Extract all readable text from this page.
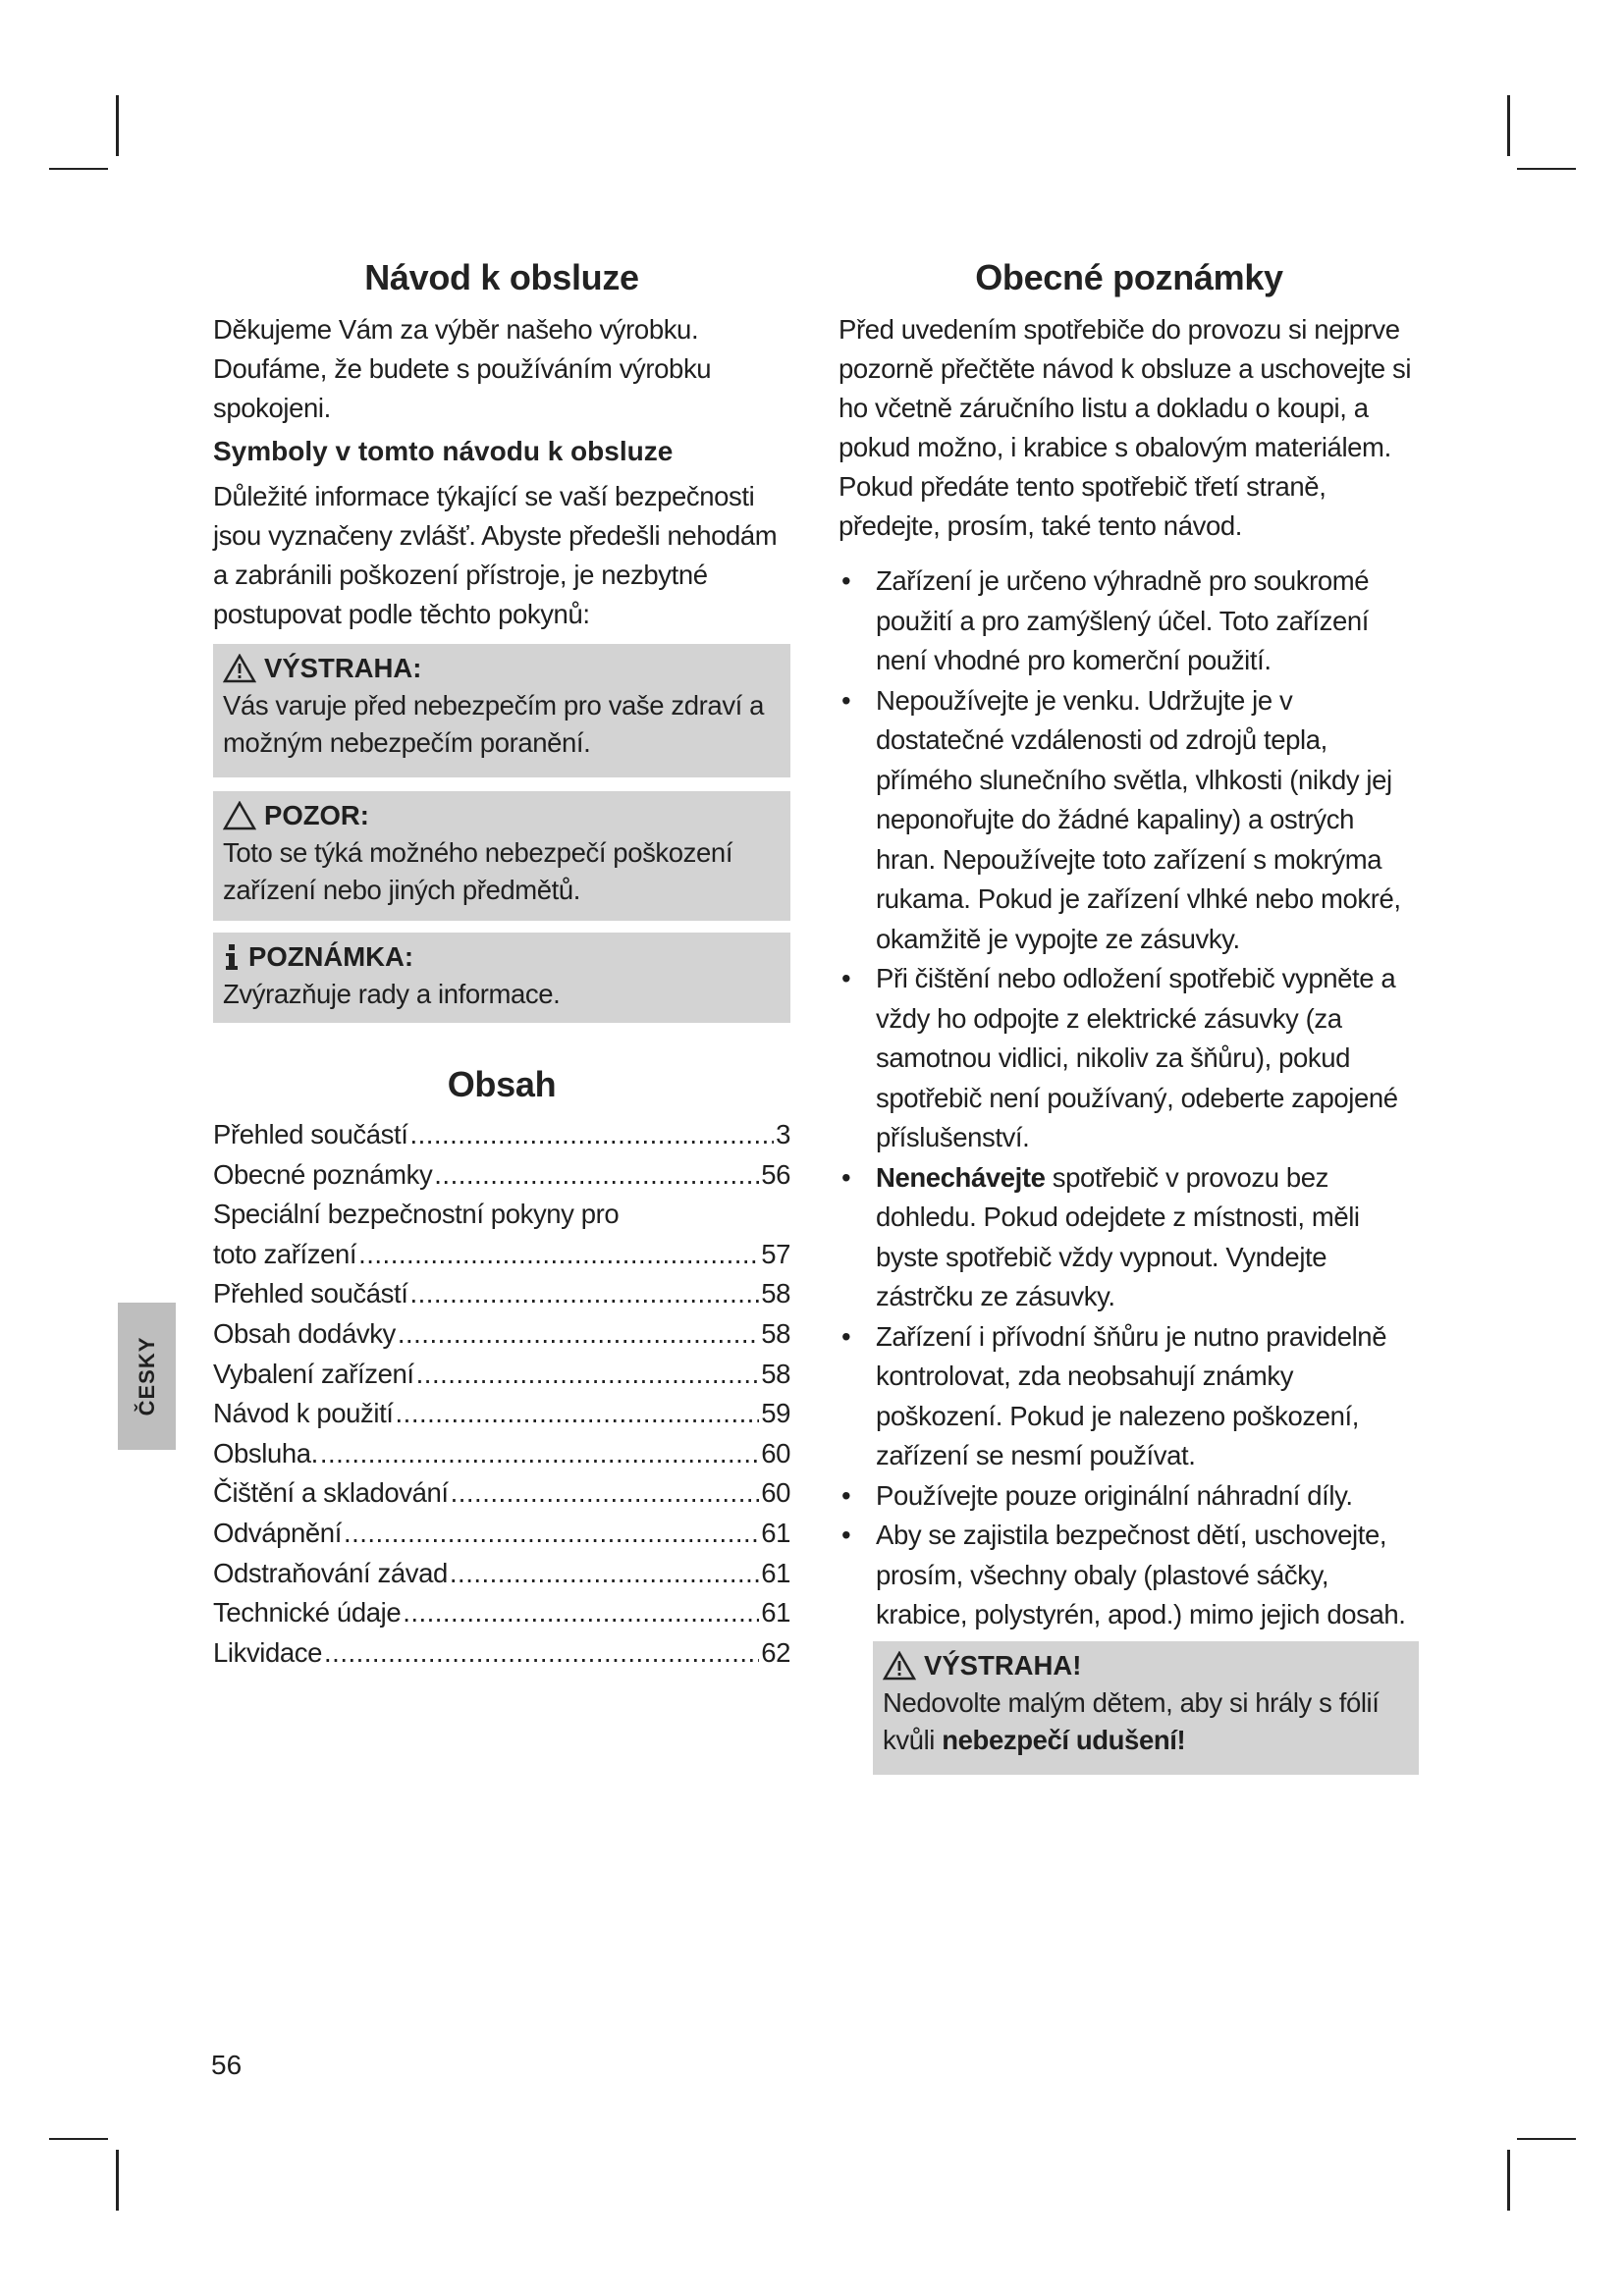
ČESKY
Návod k obsluze

Děkujeme Vám za výběr našeho výrobku. Doufáme, že budete s používáním výrobku spokojeni.

Symboly v tomto návodu k obsluze

Důležité informace týkající se vaší bezpečnosti jsou vyznačeny zvlášť. Abyste předešli nehodám a zabránili poškození přístroje, je nezbytné postupovat podle těchto pokynů:

VÝSTRAHA:
Vás varuje před nebezpečím pro vaše zdraví a možným nebezpečím poranění.
POZOR:
Toto se týká možného nebezpečí poškození zařízení nebo jiných předmětů.
POZNÁMKA:
Zvýrazňuje rady a informace.
Obsah
Přehled součástí .....	3
Obecné poznámky .....	56
Speciální bezpečnostní pokyny pro
toto zařízení .....	57
Přehled součástí .....	58
Obsah dodávky .....	58
Vybalení zařízení .....	58
Návod k použití .....	59
Obsluha. .....	60
Čištění a skladování .....	60
Odvápnění .....	61
Odstraňování závad .....	61
Technické údaje .....	61
Likvidace .....	62
Obecné poznámky

Před uvedením spotřebiče do provozu si nejprve pozorně přečtěte návod k obsluze a uschovejte si ho včetně záručního listu a dokladu o koupi, a pokud možno, i krabice s obalovým materiálem. Pokud předáte tento spotřebič třetí straně, předejte, prosím, také tento návod.

• Zařízení je určeno výhradně pro soukromé použití a pro zamýšlený účel. Toto zařízení není vhodné pro komerční použití.
• Nepoužívejte je venku. Udržujte je v dostatečné vzdálenosti od zdrojů tepla, přímého slunečního světla, vlhkosti (nikdy jej neponořujte do žádné kapaliny) a ostrých hran. Nepoužívejte toto zařízení s mokrýma rukama. Pokud je zařízení vlhké nebo mokré, okamžitě je vypojte ze zásuvky.
• Při čištění nebo odložení spotřebič vypněte a vždy ho odpojte z elektrické zásuvky (za samotnou vidlici, nikoliv za šňůru), pokud spotřebič není používaný, odeberte zapojené příslušenství.
• Nenechávejte spotřebič v provozu bez dohledu. Pokud odejdete z místnosti, měli byste spotřebič vždy vypnout. Vyndejte zástrčku ze zásuvky.
• Zařízení i přívodní šňůru je nutno pravidelně kontrolovat, zda neobsahují známky poškození. Pokud je nalezeno poškození, zařízení se nesmí používat.
• Používejte pouze originální náhradní díly.
• Aby se zajistila bezpečnost dětí, uschovejte, prosím, všechny obaly (plastové sáčky, krabice, polystyrén, apod.) mimo jejich dosah.
VÝSTRAHA!
Nedovolte malým dětem, aby si hrály s fólií kvůli nebezpečí udušení!
56
